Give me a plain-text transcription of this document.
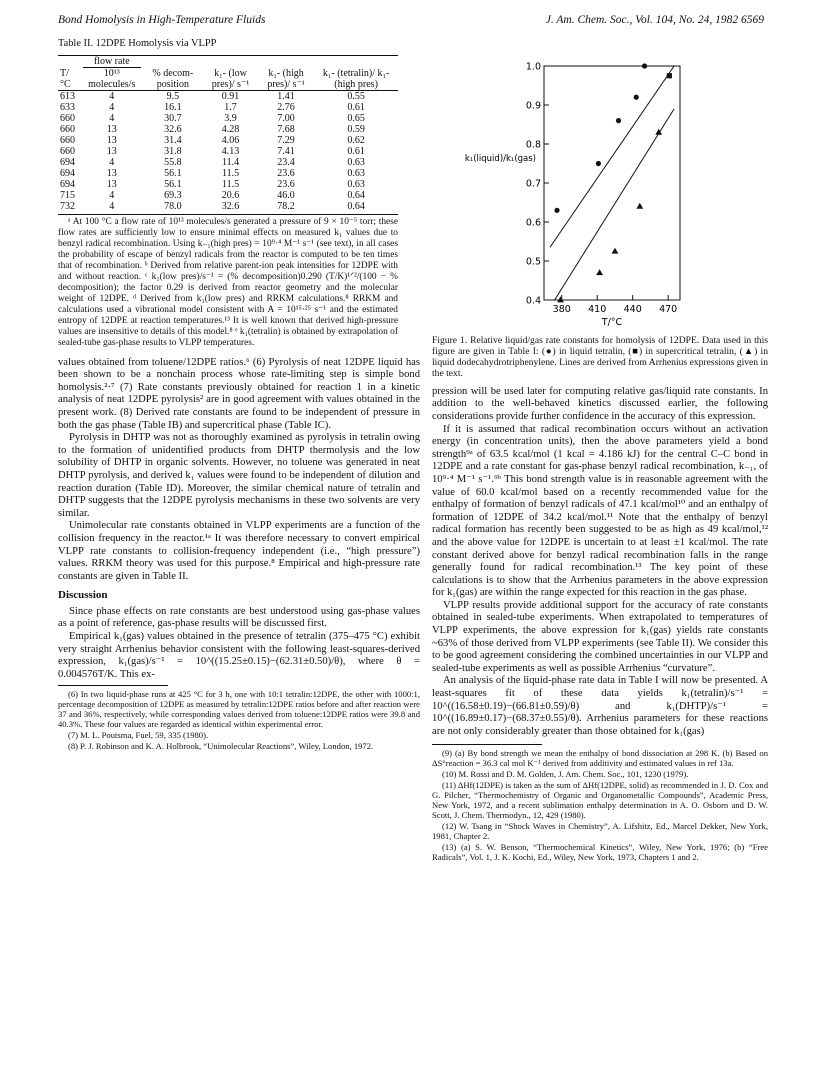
Bond Homolysis in High-Temperature Fluids	J. Am. Chem. Soc., Vol. 104, No. 24, 1982 6569
Table II. 12DPE Homolysis via VLPP
T/ °C	flow rate
10¹³ molecules/s	% decom- position	k₁- (low pres)/ s⁻¹	k₁- (high pres)/ s⁻¹	k₁- (tetralin)/ k₁- (high pres)
613	4	9.5	0.91	1.41	0.55
633	4	16.1	1.7	2.76	0.61
660	4	30.7	3.9	7.00	0.65
660	13	32.6	4.28	7.68	0.59
660	13	31.4	4.06	7.29	0.62
660	13	31.8	4.13	7.41	0.61
694	4	55.8	11.4	23.4	0.63
694	13	56.1	11.5	23.6	0.63
694	13	56.1	11.5	23.6	0.63
715	4	69.3	20.6	46.0	0.64
732	4	78.0	32.6	78.2	0.64

ᵃ At 100 °C a flow rate of 10¹³ molecules/s generated a pressure of 9 × 10⁻⁵ torr; these flow rates are sufficiently low to ensure minimal effects on measured k₁ values due to benzyl radical recombination. Using k₋₁(high pres) = 10⁹·⁴ M⁻¹ s⁻¹ (see text), in all cases the probability of escape of benzyl radicals from the reactor is computed to be ten times that of recombination. ᵇ Derived from relative parent-ion peak intensities for 12DPE with and without reaction. ᶜ k₁(low pres)/s⁻¹ = (% decomposition)0.290 (T/K)¹ᐟ²/(100 − % decomposition); the factor 0.29 is derived from reactor geometry and the molecular weight of 12DPE. ᵈ Derived from k₁(low pres) and RRKM calculations.⁸ RRKM and calculations used a vibrational model consistent with A = 10¹⁵·²⁵ s⁻¹ and the estimated entropy of 12DPE at reaction temperatures.¹³ It is well known that derived high-pressure values are insensitive to details of this model.⁸ ᵉ k₁(tetralin) is obtained by extrapolation of sealed-tube gas-phase results to VLPP temperatures.

values obtained from toluene/12DPE ratios.⁶ (6) Pyrolysis of neat 12DPE liquid has been shown to be a nonchain process whose rate-limiting step is simple bond homolysis.²·⁷ (7) Rate constants previously obtained for reaction 1 in a kinetic analysis of neat 12DPE pyrolysis² are in good agreement with values obtained in the present work. (8) Derived rate constants are found to be independent of pressure in both the gas phase (Table IB) and supercritical phase (Table IC).

Pyrolysis in DHTP was not as thoroughly examined as pyrolysis in tetralin owing to the formation of unidentified products from DHTP thermolysis and the low solubility of DHTP in organic solvents. However, no toluene was generated in neat DHTP pyrolysis, and derived k₁ values were found to be independent of dilution and reaction duration (Table ID). Moreover, the similar chemical nature of tetralin and DHTP suggests that the 12DPE pyrolysis mechanisms in these two solvents are very similar.

Unimolecular rate constants obtained in VLPP experiments are a function of the collision frequency in the reactor.¹ᵃ It was therefore necessary to convert empirical VLPP rate constants to collision-frequency independent (i.e., “high pressure”) values. RRKM theory was used for this purpose.⁸ Empirical and high-pressure rate constants are given in Table II.

Discussion

Since phase effects on rate constants are best understood using gas-phase values as a point of reference, gas-phase results will be discussed first.

Empirical k₁(gas) values obtained in the presence of tetralin (375–475 °C) exhibit very straight Arrhenius behavior consistent with the following least-squares-derived expression, k₁(gas)/s⁻¹ = 10^((15.25±0.15)−(62.31±0.50)/θ), where θ = 0.004576T/K. This ex-

(6) In two liquid-phase runs at 425 °C for 3 h, one with 10:1 tetralin:12DPE, the other with 1000:1, percentage decomposition of 12DPE as measured by tetralin:12DPE ratios before and after reaction were 37 and 36%, respectively, while corresponding values derived from toluene:12DPE ratios were 39.8 and 40.3%. These four values are regarded as identical within experimental error.

(7) M. L. Poutsma, Fuel, 59, 335 (1980).

(8) P. J. Robinson and K. A. Holbrook, “Unimolecular Reactions”, Wiley, London, 1972.

0.4
0.5
0.6
0.7
0.8
0.9
1.0
380 410 440 470
T/°C
k₁(liquid)/k₁(gas)
Figure 1. Relative liquid/gas rate constants for homolysis of 12DPE. Data used in this figure are given in Table I: (●) in liquid tetralin, (■) in supercritical tetralin, (▲) in liquid dodecahydrotriphenylene. Lines are derived from Arrhenius expressions given in the text.

pression will be used later for computing relative gas/liquid rate constants. In addition to the well-behaved kinetics discussed earlier, the following considerations provide further confidence in the accuracy of this expression.

If it is assumed that radical recombination occurs without an activation energy (in concentration units), then the above parameters yield a bond strength⁹ᵃ of 63.5 kcal/mol (1 kcal = 4.186 kJ) for the central C–C bond in 12DPE and a rate constant for gas-phase benzyl radical recombination, k₋₁, of 10⁹·⁴ M⁻¹ s⁻¹.⁹ᵇ This bond strength value is in reasonable agreement with the value of 60.0 kcal/mol based on a recently recommended value for the enthalpy of formation of benzyl radicals of 47.1 kcal/mol¹⁰ and an enthalpy of formation of 12DPE of 34.2 kcal/mol.¹¹ Note that the enthalpy of benzyl radical formation has recently been suggested to be as high as 49 kcal/mol,¹² and the above value for 12DPE is uncertain to at least ±1 kcal/mol. The rate constant derived above for benzyl radical recombination falls in the range generally found for radical recombination.¹³ The key point of these calculations is to show that the Arrhenius parameters in the above expression for k₁(gas) are within the range expected for this reaction in the gas phase.

VLPP results provide additional support for the accuracy of rate constants obtained in sealed-tube experiments. When extrapolated to temperatures of VLPP experiments, the above expression for k₁(gas) yields rate constants ~63% of those derived from VLPP experiments (see Table II). We consider this to be good agreement considering the combined uncertainties in our VLPP and sealed-tube experiments as well as possible Arrhenius “curvature”.

An analysis of the liquid-phase rate data in Table I will now be presented. A least-squares fit of these data yields k₁(tetralin)/s⁻¹ = 10^((16.58±0.19)−(66.81±0.59)/θ) and k₁(DHTP)/s⁻¹ = 10^((16.89±0.17)−(68.37±0.55)/θ). Arrhenius parameters for these reactions are not only considerably greater than those obtained for k₁(gas)

(9) (a) By bond strength we mean the enthalpy of bond dissociation at 298 K. (b) Based on ΔS°reaction = 36.3 cal mol K⁻¹ derived from additivity and estimated values in ref 13a.

(10) M. Rossi and D. M. Golden, J. Am. Chem. Soc., 101, 1230 (1979).

(11) ΔHf(12DPE) is taken as the sum of ΔHf(12DPE, solid) as recommended in J. D. Cox and G. Pilcher, “Thermochemistry of Organic and Organometallic Compounds”, Academic Press, New York, 1972, and a recent sublimation enthalpy determination in A. O. Osborn and D. W. Scott, J. Chem. Thermodyn., 12, 429 (1980).

(12) W. Tsang in “Shock Waves in Chemistry”, A. Lifshitz, Ed., Marcel Dekker, New York, 1981, Chapter 2.

(13) (a) S. W. Benson, “Thermochemical Kinetics”, Wiley, New York, 1976; (b) “Free Radicals”, Vol. 1, J. K. Kochi, Ed., Wiley, New York, 1973, Chapters 1 and 2.
